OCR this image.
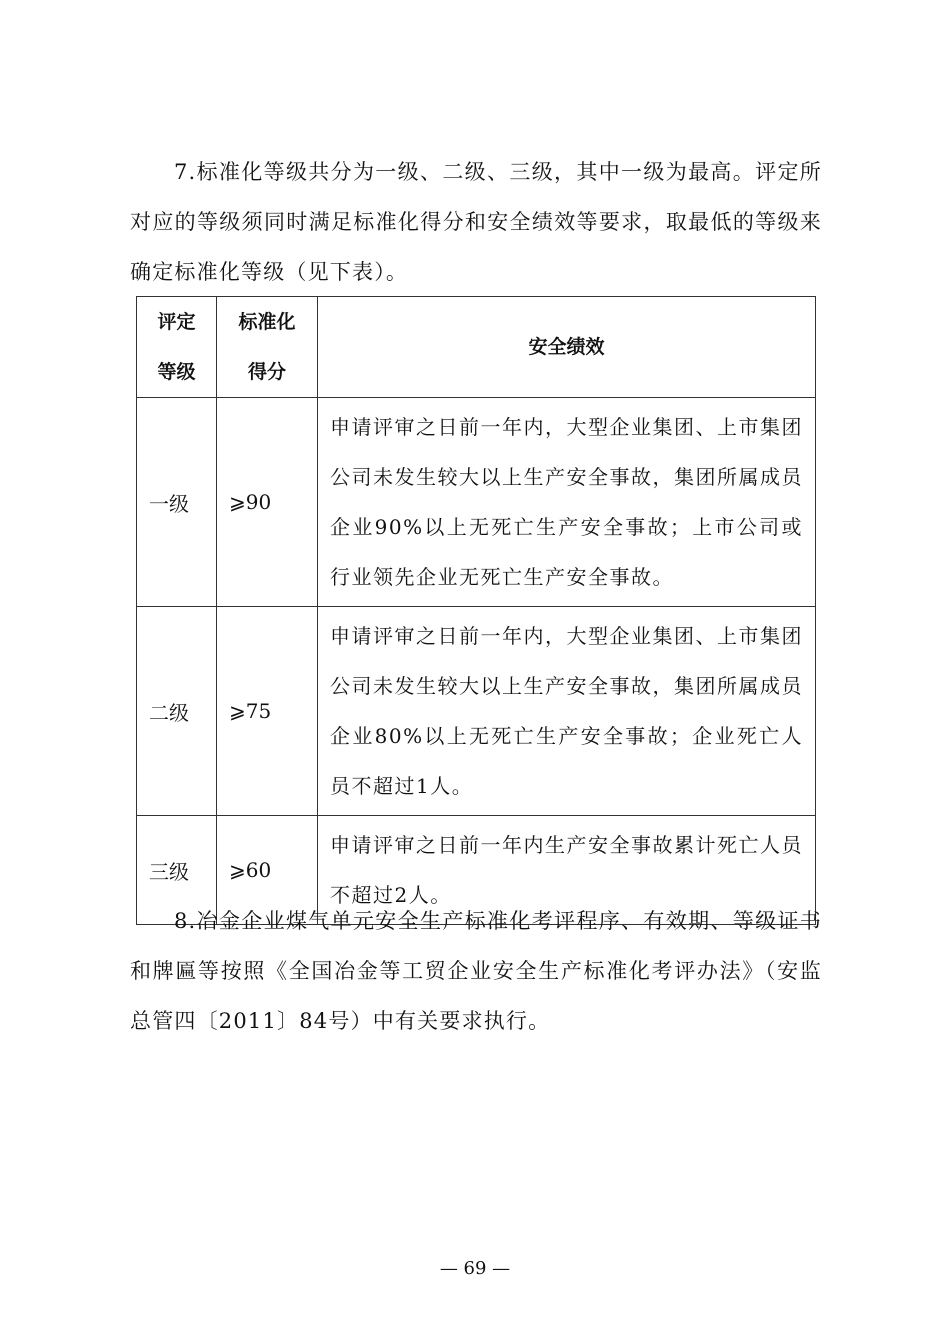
7.标准化等级共分为一级、二级、三级，其中一级为最高。评定所对应的等级须同时满足标准化得分和安全绩效等要求，取最低的等级来确定标准化等级（见下表）。
评定等级	标准化得分	安全绩效
一级	⩾90	申请评审之日前一年内，大型企业集团、上市集团公司未发生较大以上生产安全事故，集团所属成员企业90%以上无死亡生产安全事故；上市公司或行业领先企业无死亡生产安全事故。
二级	⩾75	申请评审之日前一年内，大型企业集团、上市集团公司未发生较大以上生产安全事故，集团所属成员企业80%以上无死亡生产安全事故；企业死亡人员不超过1人。
三级	⩾60	申请评审之日前一年内生产安全事故累计死亡人员不超过2人。
8.冶金企业煤气单元安全生产标准化考评程序、有效期、等级证书和牌匾等按照《全国冶金等工贸企业安全生产标准化考评办法》（安监总管四〔2011〕84号）中有关要求执行。
— 69 —
